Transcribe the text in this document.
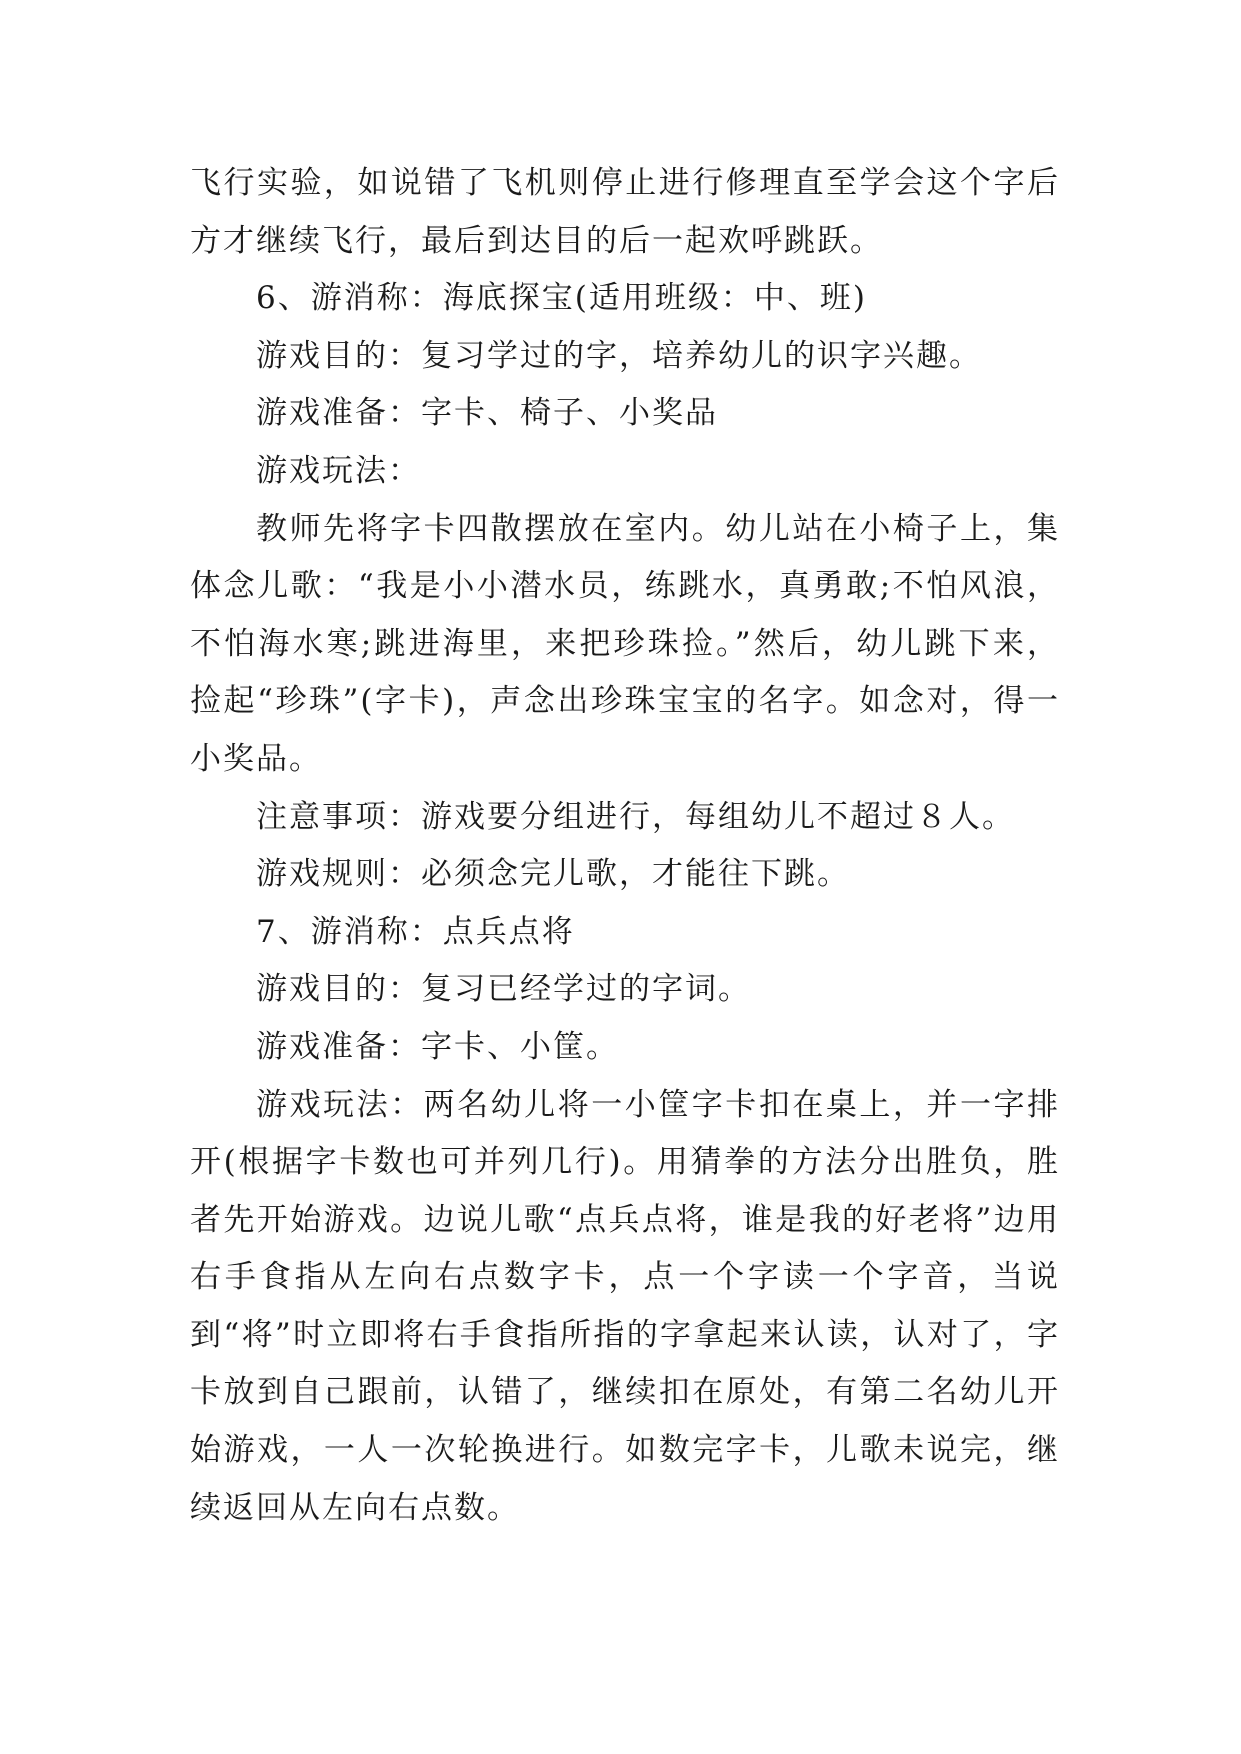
飞行实验，如说错了飞机则停止进行修理直至学会这个字后方才继续飞行，最后到达目的后一起欢呼跳跃。

6、游消称：海底探宝(适用班级：中、班)

游戏目的：复习学过的字，培养幼儿的识字兴趣。

游戏准备：字卡、椅子、小奖品

游戏玩法：

教师先将字卡四散摆放在室内。幼儿站在小椅子上，集体念儿歌：“我是小小潜水员，练跳水，真勇敢;不怕风浪，不怕海水寒;跳进海里，来把珍珠捡。”然后，幼儿跳下来，捡起“珍珠”(字卡)，声念出珍珠宝宝的名字。如念对，得一小奖品。

注意事项：游戏要分组进行，每组幼儿不超过８人。

游戏规则：必须念完儿歌，才能往下跳。

7、游消称：点兵点将

游戏目的：复习已经学过的字词。

游戏准备：字卡、小筐。

游戏玩法：两名幼儿将一小筐字卡扣在桌上，并一字排开(根据字卡数也可并列几行)。用猜拳的方法分出胜负，胜者先开始游戏。边说儿歌“点兵点将，谁是我的好老将”边用右手食指从左向右点数字卡，点一个字读一个字音，当说到“将”时立即将右手食指所指的字拿起来认读，认对了，字卡放到自己跟前，认错了，继续扣在原处，有第二名幼儿开始游戏，一人一次轮换进行。如数完字卡，儿歌未说完，继续返回从左向右点数。
